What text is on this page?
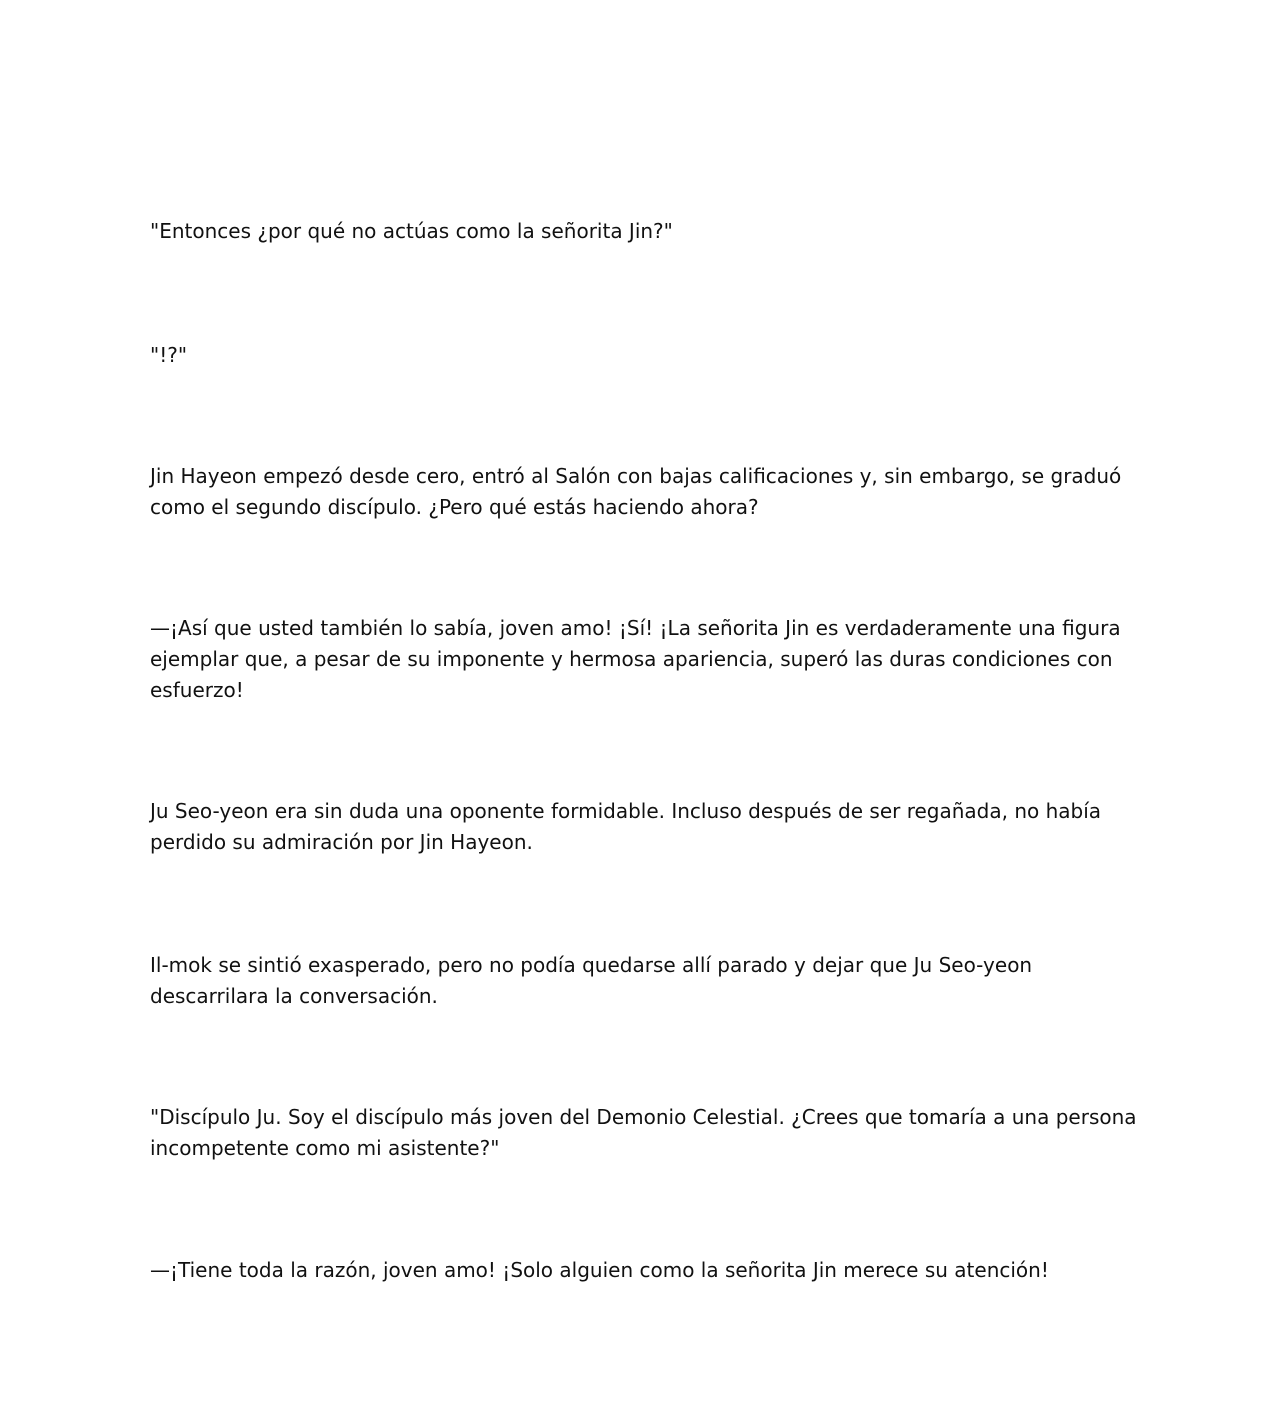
"Entonces ¿por qué no actúas como la señorita Jin?"

"!?"

Jin Hayeon empezó desde cero, entró al Salón con bajas calificaciones y, sin embargo, se graduó como el segundo discípulo. ¿Pero qué estás haciendo ahora?

—¡Así que usted también lo sabía, joven amo! ¡Sí! ¡La señorita Jin es verdaderamente una figura ejemplar que, a pesar de su imponente y hermosa apariencia, superó las duras condiciones con esfuerzo!

Ju Seo-yeon era sin duda una oponente formidable. Incluso después de ser regañada, no había perdido su admiración por Jin Hayeon.

Il-mok se sintió exasperado, pero no podía quedarse allí parado y dejar que Ju Seo-yeon descarrilara la conversación.

"Discípulo Ju. Soy el discípulo más joven del Demonio Celestial. ¿Crees que tomaría a una persona incompetente como mi asistente?"

—¡Tiene toda la razón, joven amo! ¡Solo alguien como la señorita Jin merece su atención!
